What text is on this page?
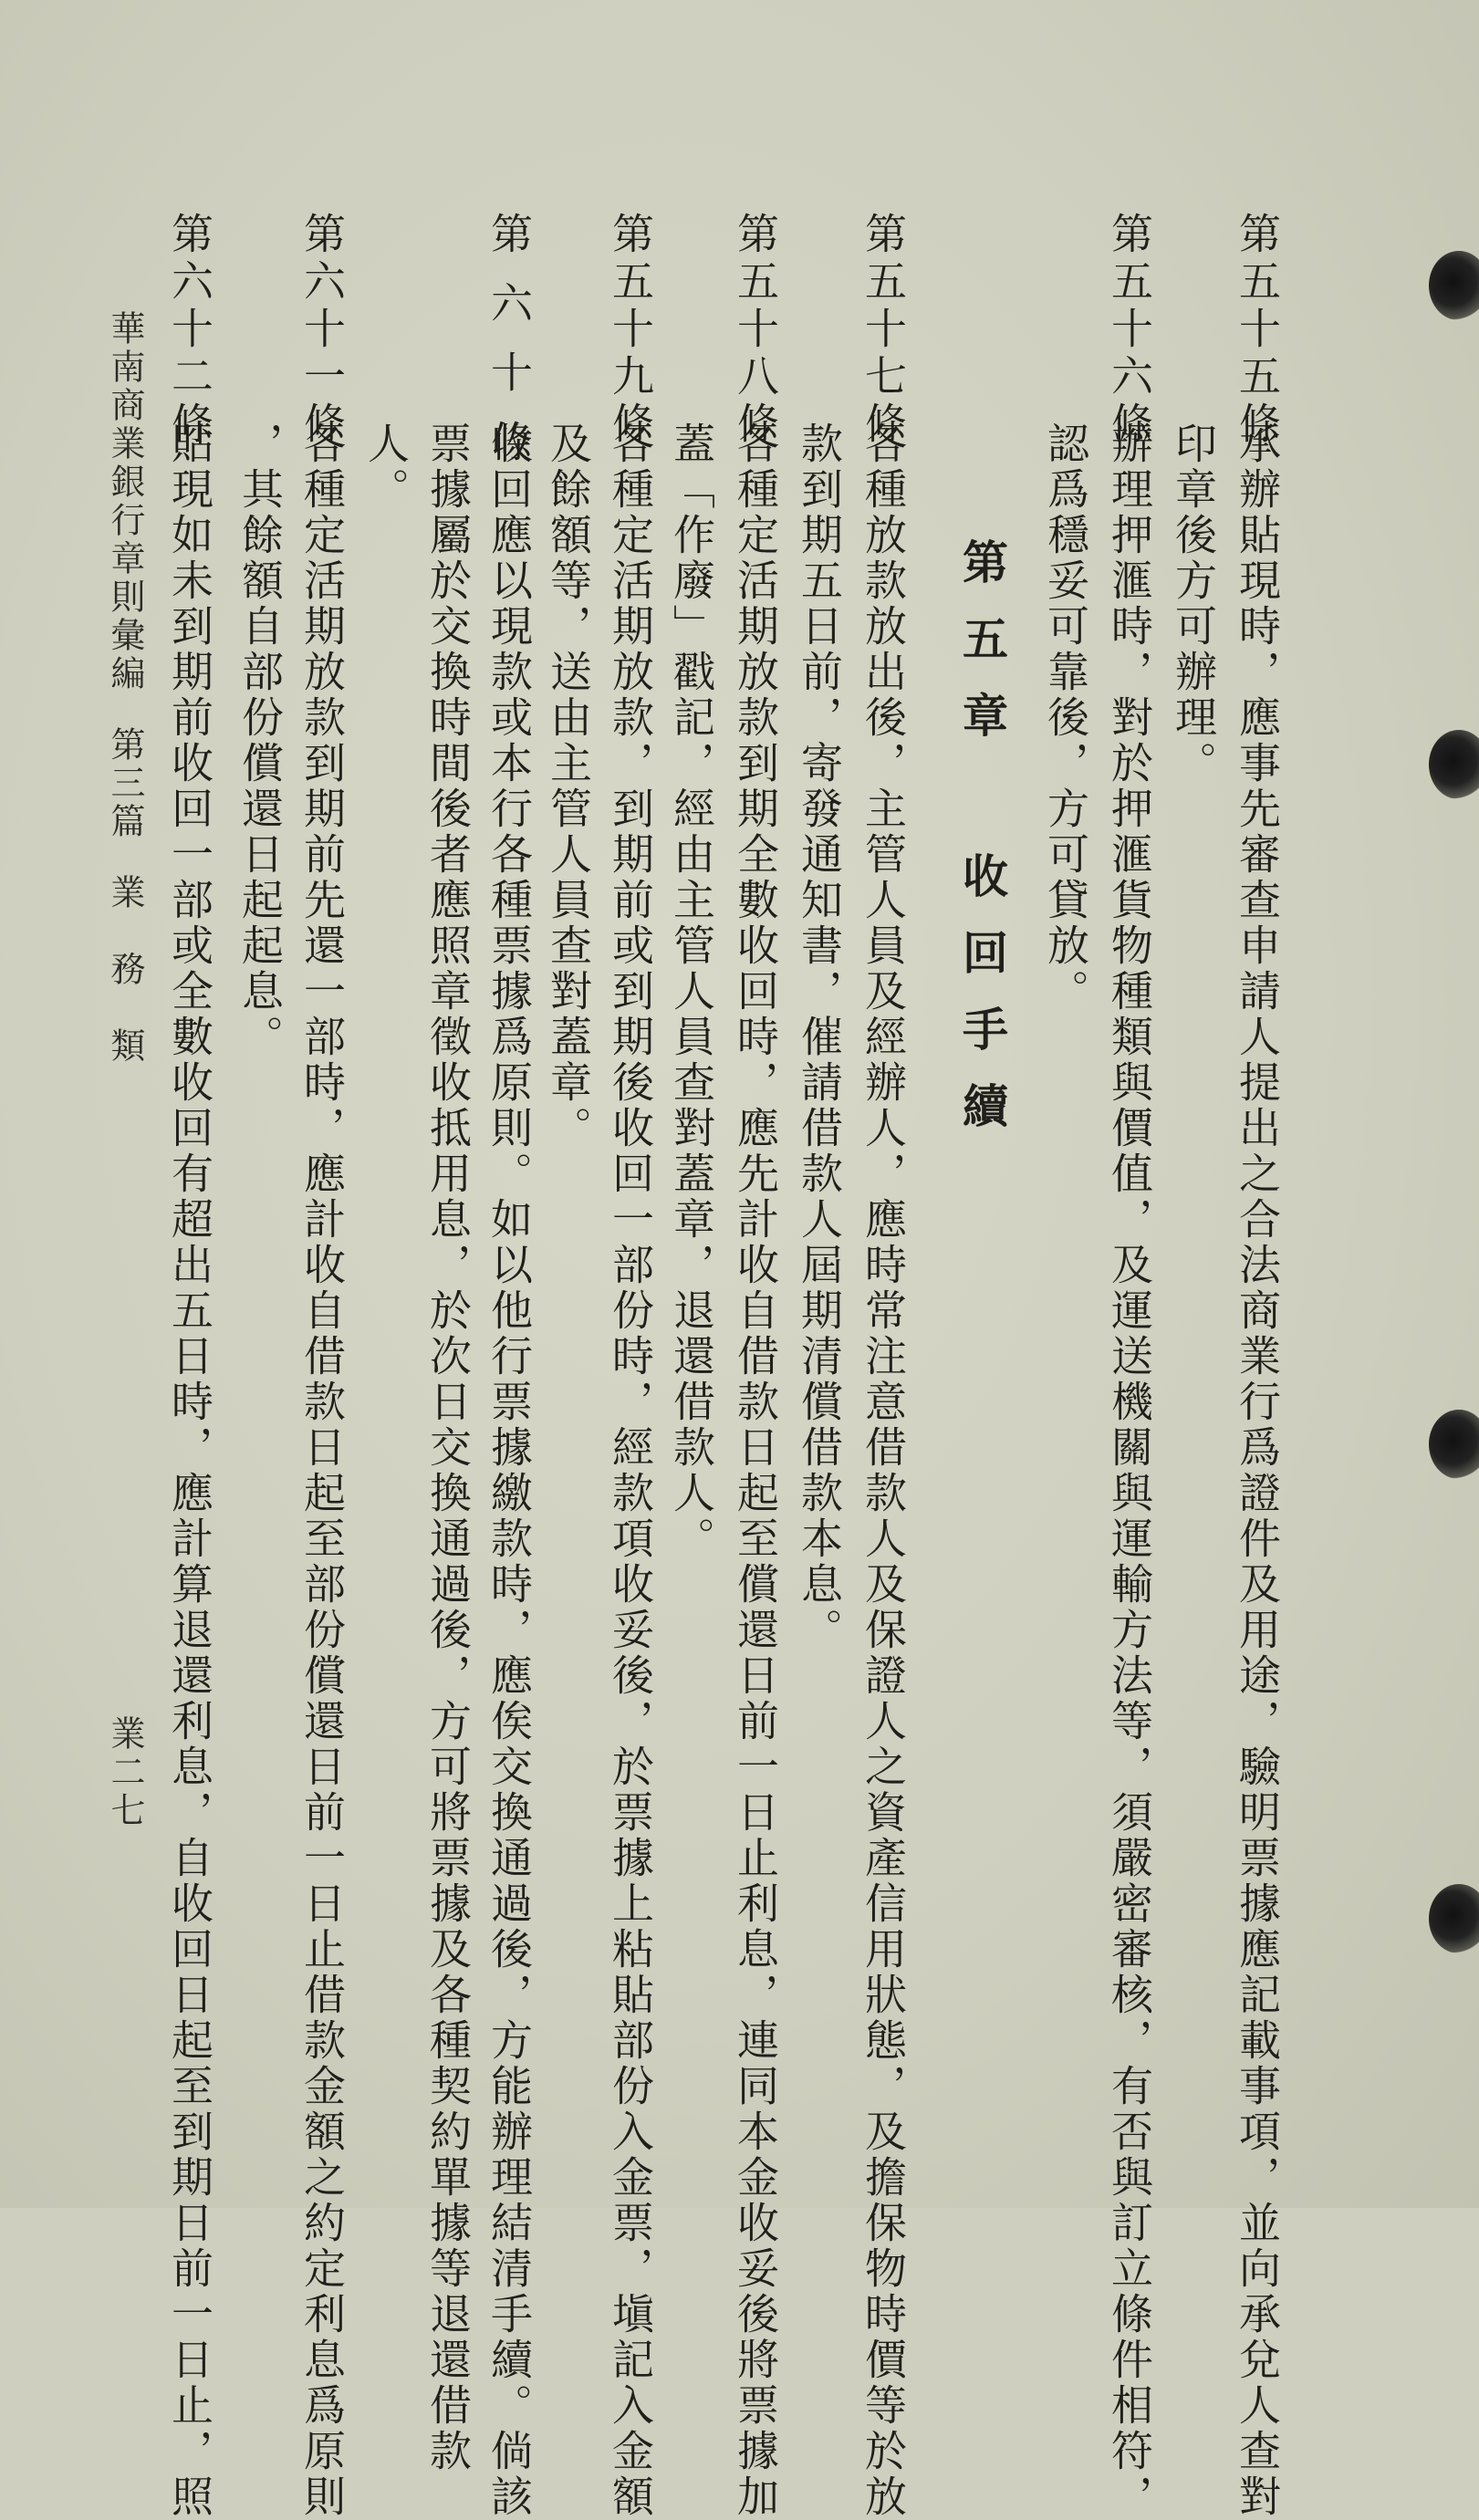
第五十五條
承辦貼現時，應事先審查申請人提出之合法商業行爲證件及用途，驗明票據應記載事項，並向承兌人查對
印章後方可辦理。
第五十六條
辦理押滙時，對於押滙貨物種類與價值，及運送機關與運輸方法等，須嚴密審核，有否與訂立條件相符，
認爲穩妥可靠後，方可貸放。
第五章 收回手續
第五十七條
各種放款放出後，主管人員及經辦人，應時常注意借款人及保證人之資產信用狀態，及擔保物時價等於放
款到期五日前，寄發通知書，催請借款人屆期清償借款本息。
第五十八條
各種定活期放款到期全數收回時，應先計收自借款日起至償還日前一日止利息，連同本金收妥後將票據加
蓋「作廢」戳記，經由主管人員查對蓋章，退還借款人。
第五十九條
各種定活期放款，到期前或到期後收回一部份時，經款項收妥後，於票據上粘貼部份入金票，塡記入金額
及餘額等，送由主管人員查對蓋章。
第六十條
收回應以現款或本行各種票據爲原則。如以他行票據繳款時，應俟交換通過後，方能辦理結清手續。倘該
票據屬於交換時間後者應照章徵收抵用息，於次日交換通過後，方可將票據及各種契約單據等退還借款
人。
第六十一條
各種定活期放款到期前先還一部時，應計收自借款日起至部份償還日前一日止借款金額之約定利息爲原則
，其餘額自部份償還日起起息。
第六十二條
貼現如未到期前收回一部或全數收回有超出五日時，應計算退還利息，自收回日起至到期日前一日止，照
華南商業銀行章則彙編第三篇業　務　類
業二七
